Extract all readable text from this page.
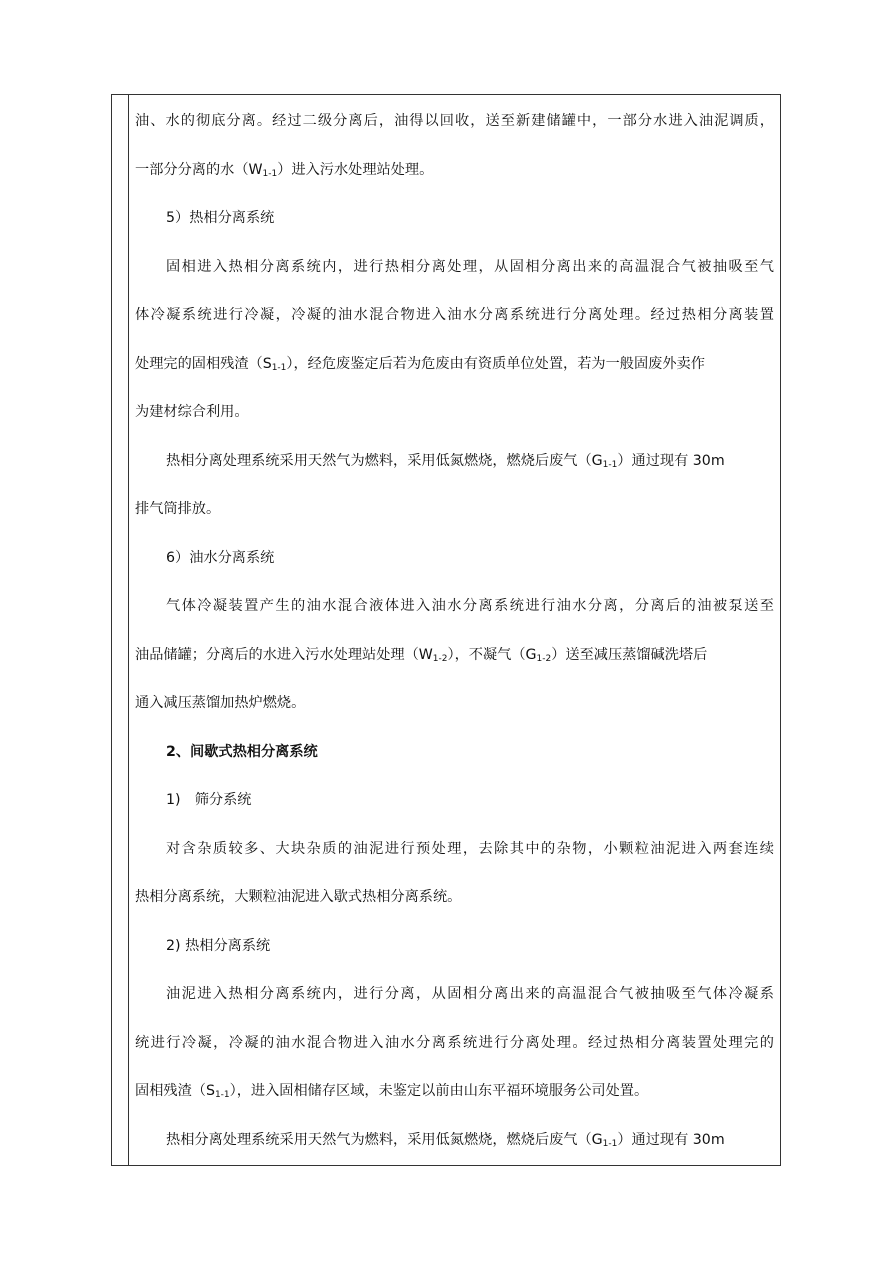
油、水的彻底分离。经过二级分离后，油得以回收，送至新建储罐中，一部分水进入油泥调质，
一部分分离的水$(W_{1-1})$进入污水处理站处理。
5）热相分离系统
固相进入热相分离系统内，进行热相分离处理，从固相分离出来的高温混合气被抽吸至气
体冷凝系统进行冷凝，冷凝的油水混合物进入油水分离系统进行分离处理。经过热相分离装置
处理完的固相残渣$(S_{1-1})$，经危废鉴定后若为危废由有资质单位处置，若为一般固废外卖作
为建材综合利用。
热相分离处理系统采用天然气为燃料，采用低氮燃烧，燃烧后废气$(G_{1-1})$通过现有 30m
排气筒排放。
6）油水分离系统
气体冷凝装置产生的油水混合液体进入油水分离系统进行油水分离，分离后的油被泵送至
油品储罐；分离后的水进入污水处理站处理$(W_{1-2})$，不凝气$(G_{1-2})$送至减压蒸馏碱洗塔后
通入减压蒸馏加热炉燃烧。
2、间歇式热相分离系统
1)　筛分系统
对含杂质较多、大块杂质的油泥进行预处理，去除其中的杂物，小颗粒油泥进入两套连续
热相分离系统，大颗粒油泥进入歇式热相分离系统。
2) 热相分离系统
油泥进入热相分离系统内，进行分离，从固相分离出来的高温混合气被抽吸至气体冷凝系
统进行冷凝，冷凝的油水混合物进入油水分离系统进行分离处理。经过热相分离装置处理完的
固相残渣$(S_{1-1})$，进入固相储存区域，未鉴定以前由山东平福环境服务公司处置。
热相分离处理系统采用天然气为燃料，采用低氮燃烧，燃烧后废气$(G_{1-1})$通过现有 30m
